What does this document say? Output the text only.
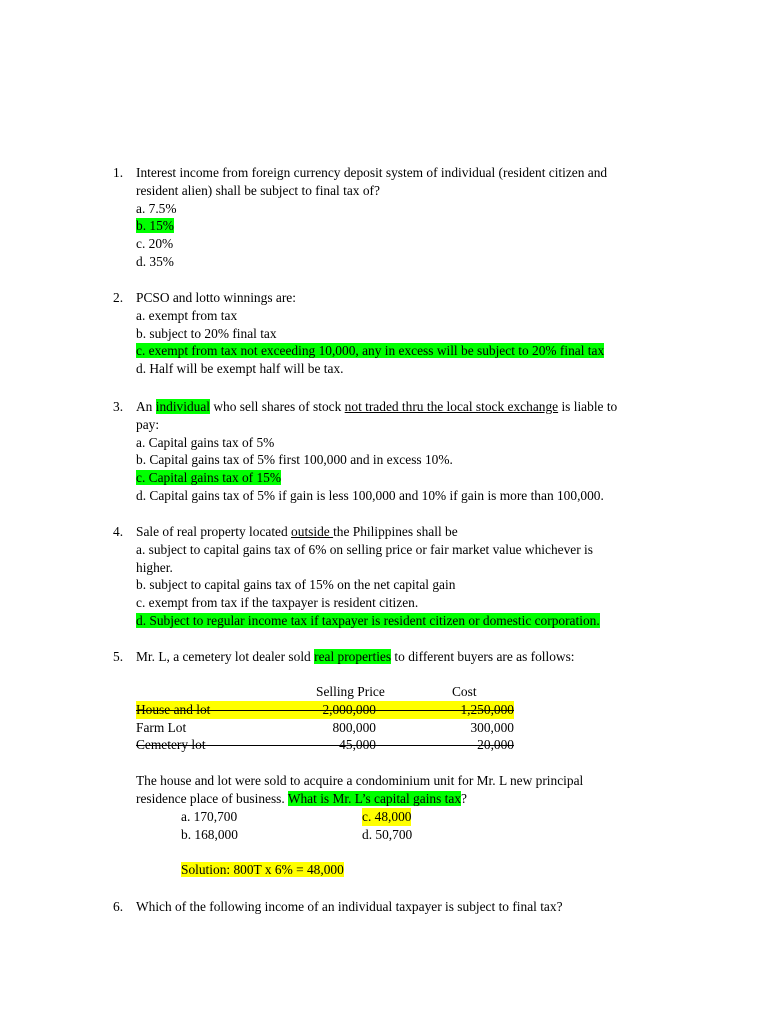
1. Interest income from foreign currency deposit system of individual (resident citizen and
resident alien) shall be subject to final tax of?
a. 7.5%
b. 15%
c. 20%
d. 35%
2. PCSO and lotto winnings are:
a. exempt from tax
b. subject to 20% final tax
c. exempt from tax not exceeding 10,000, any in excess will be subject to 20% final tax
d. Half will be exempt half will be tax.
3. An individual who sell shares of stock not traded thru the local stock exchange is liable to
pay:
a. Capital gains tax of 5%
b. Capital gains tax of 5% first 100,000 and in excess 10%.
c. Capital gains tax of 15%
d. Capital gains tax of 5% if gain is less 100,000 and 10% if gain is more than 100,000.
4. Sale of real property located outside the Philippines shall be
a. subject to capital gains tax of 6% on selling price or fair market value whichever is
higher.
b. subject to capital gains tax of 15% on the net capital gain
c. exempt from tax if the taxpayer is resident citizen.
d. Subject to regular income tax if taxpayer is resident citizen or domestic corporation.
5. Mr. L, a cemetery lot dealer sold real properties to different buyers are as follows:
Selling Price	Cost
House and lot	2,000,000	1,250,000
Farm Lot	800,000	300,000
Cemetery lot	45,000	20,000
The house and lot were sold to acquire a condominium unit for Mr. L new principal
residence place of business. What is Mr. L’s capital gains tax?
a. 170,700	c. 48,000
b. 168,000	d. 50,700
Solution: 800T x 6% = 48,000
6. Which of the following income of an individual taxpayer is subject to final tax?
